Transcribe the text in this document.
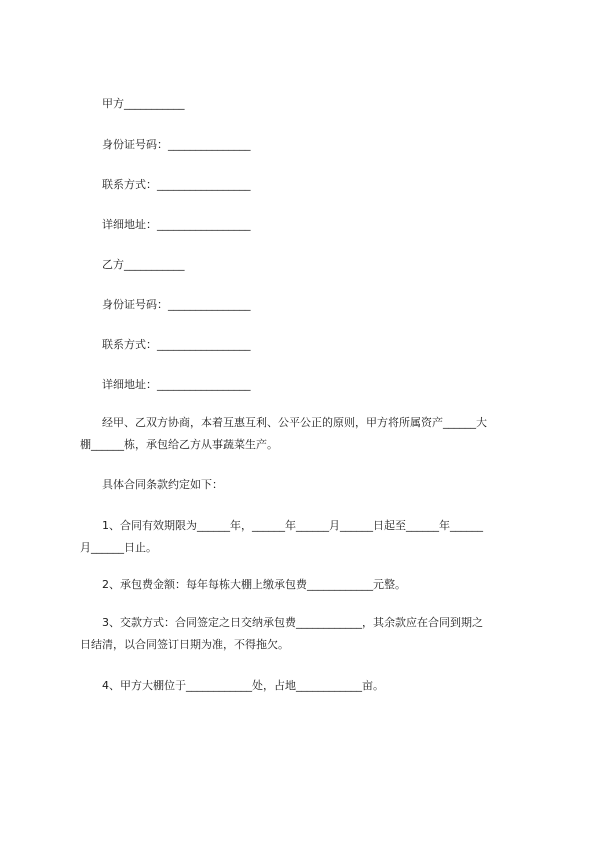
甲方___________
身份证号码：_______________
联系方式：_________________
详细地址：_________________
乙方___________
身份证号码：_______________
联系方式：_________________
详细地址：_________________
经甲、乙双方协商，本着互惠互利、公平公正的原则，甲方将所属资产______大
棚______栋，承包给乙方从事蔬菜生产。
具体合同条款约定如下：
1、合同有效期限为______年，______年______月______日起至______年______
月______日止。
2、承包费金额：每年每栋大棚上缴承包费____________元整。
3、交款方式：合同签定之日交纳承包费____________，其余款应在合同到期之
日结清，以合同签订日期为准，不得拖欠。
4、甲方大棚位于____________处，占地____________亩。
